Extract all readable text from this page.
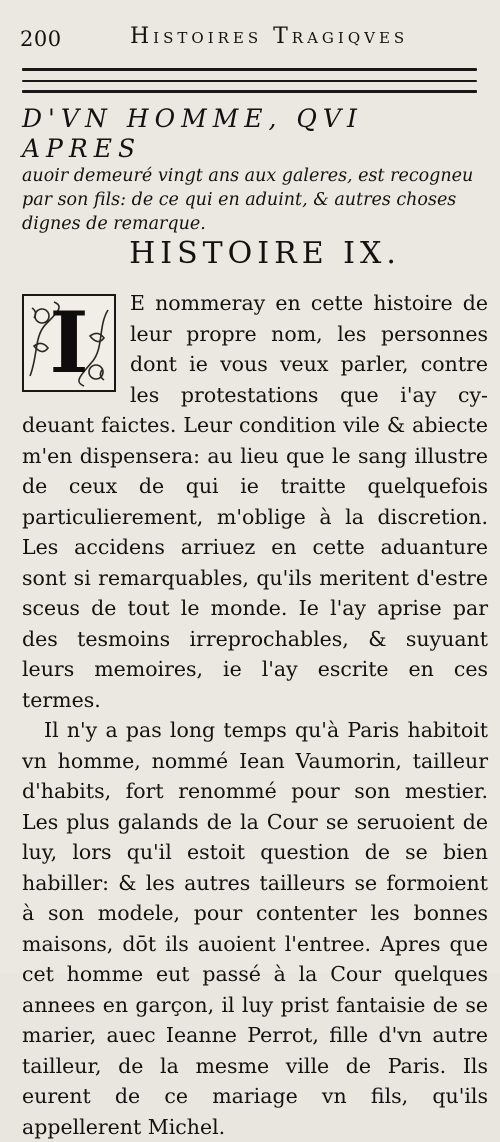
200	Histoires Tragiqves
D'VN HOMME, QVI APRES
auoir demeuré vingt ans aux galeres, est recogneu par son fils: de ce qui en aduint, & autres choses dignes de remarque.
HISTOIRE IX.
I	E nommeray en cette histoire de leur propre nom, les personnes dont ie vous veux parler, contre les protestations que i'ay cy-deuant faictes. Leur condition vile & abiecte m'en dispensera: au lieu que le sang illustre de ceux de qui ie traitte quelquefois particulierement, m'oblige à la discretion. Les accidens arriuez en cette aduanture sont si remarquables, qu'ils meritent d'estre sceus de tout le monde. Ie l'ay aprise par des tesmoins irreprochables, & suyuant leurs memoires, ie l'ay escrite en ces termes.

Il n'y a pas long temps qu'à Paris habitoit vn homme, nommé Iean Vaumorin, tailleur d'habits, fort renommé pour son mestier. Les plus galands de la Cour se seruoient de luy, lors qu'il estoit question de se bien habiller: & les autres tailleurs se formoient à son modele, pour contenter les bonnes maisons, dōt ils auoient l'entree. Apres que cet homme eut passé à la Cour quelques annees en garçon, il luy prist fantaisie de se marier, auec Ieanne Perrot, fille d'vn autre tailleur, de la mesme ville de Paris. Ils eurent de ce mariage vn fils, qu'ils appellerent Michel.
